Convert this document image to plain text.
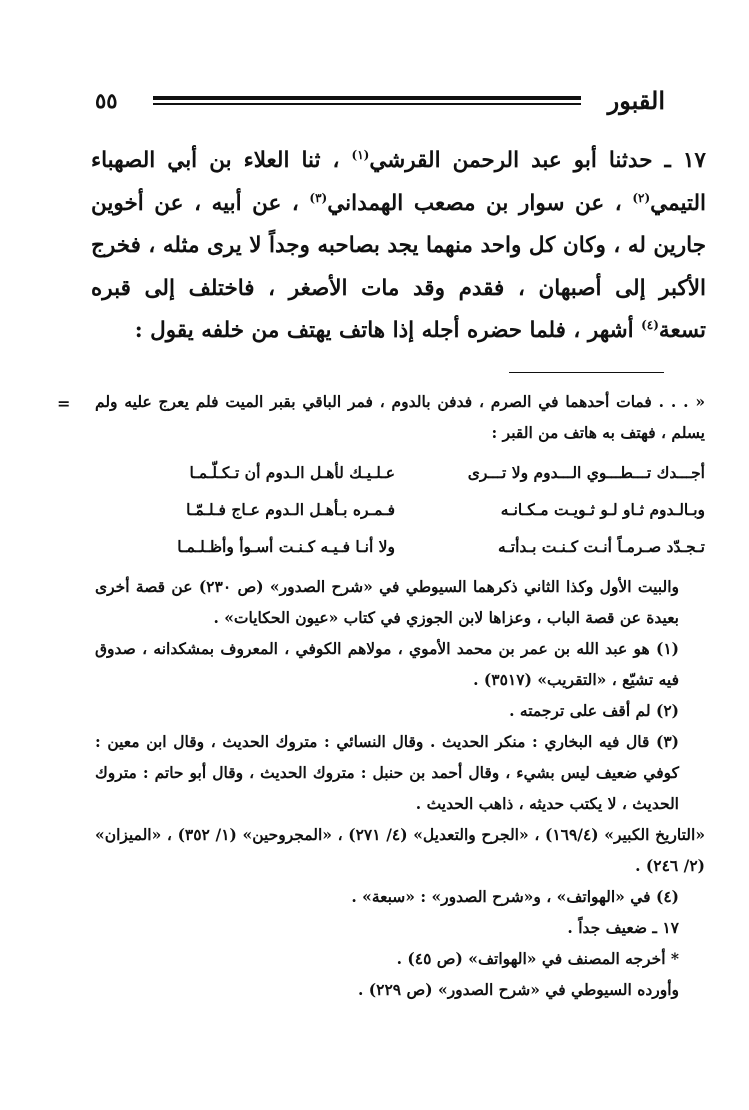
٥٥	القبور
١٧ ـ حدثنا أبو عبد الرحمن القرشي$^{(١)}$ ، ثنا العلاء بن أبي الصهباء التيمي$^{(٢)}$ ، عن سوار بن مصعب الهمداني$^{(٣)}$ ، عن أبيه ، عن أخوين جارين له ، وكان كل واحد منهما يجد بصاحبه وجداً لا يرى مثله ، فخرج الأكبر إلى أصبهان ، فقدم وقد مات الأصغر ، فاختلف إلى قبره تسعة$^{(٤)}$ أشهر ، فلما حضره أجله إذا هاتف يهتف من خلفه يقول :
= « . . . فمات أحدهما في الصرم ، فدفن بالدوم ، فمر الباقي بقبر الميت فلم يعرج عليه ولم يسلم ، فهتف به هاتف من القبر :

أجـــدك تـــطـــوي الـــدوم ولا تـــرى
عـلـيـك لأهـل الـدوم أن تـكـلّـمـا
وبـالـدوم ثـاو لـو ثـويـت مـكـانـه
فـمـره بـأهـل الـدوم عـاج فـلـمّـا
تـجـدّد صـرمـاً أنـت كـنـت بـدأتـه
ولا أنـا فـيـه كـنـت أسـوأ وأظـلـمـا

والبيت الأول وكذا الثاني ذكرهما السيوطي في «شرح الصدور» (ص ٢٣٠) عن قصة أخرى بعيدة عن قصة الباب ، وعزاها لابن الجوزي في كتاب «عيون الحكايات» .

(١) هو عبد الله بن عمر بن محمد الأموي ، مولاهم الكوفي ، المعروف بمشكدانه ، صدوق فيه تشيّع ، «التقريب» (٣٥١٧) .

(٢) لم أقف على ترجمته .

(٣) قال فيه البخاري : منكر الحديث . وقال النسائي : متروك الحديث ، وقال ابن معين : كوفي ضعيف ليس بشيء ، وقال أحمد بن حنبل : متروك الحديث ، وقال أبو حاتم : متروك الحديث ، لا يكتب حديثه ، ذاهب الحديث .

«التاريخ الكبير» (١٦٩/٤) ، «الجرح والتعديل» (٤/ ٢٧١) ، «المجروحين» (١/ ٣٥٢) ، «الميزان» (٢/ ٢٤٦) .

(٤) في «الهواتف» ، و«شرح الصدور» : «سبعة» .

١٧ ـ ضعيف جداً .

* أخرجه المصنف في «الهواتف» (ص ٤٥) .

وأورده السيوطي في «شرح الصدور» (ص ٢٢٩) .
